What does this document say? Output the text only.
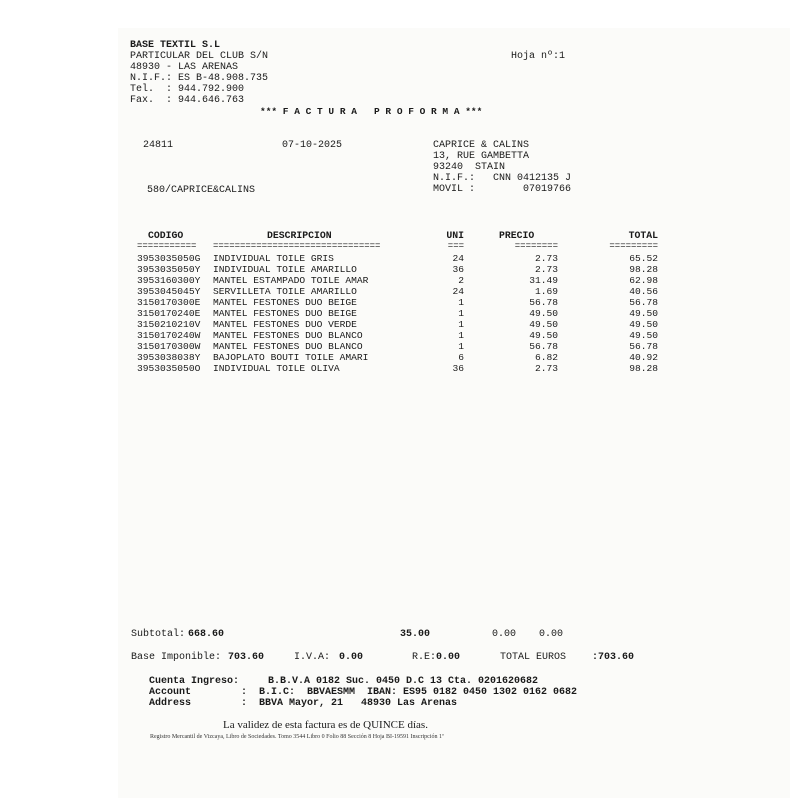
BASE TEXTIL S.L
PARTICULAR DEL CLUB S/N
48930 - LAS ARENAS
N.I.F.: ES B-48.908.735
Tel.  : 944.792.900
Fax.  : 944.646.763
Hoja nº:1
*** F A C T U R A   P R O F O R M A ***
24811	07-10-2025
580/CAPRICE&CALINS
CAPRICE & CALINS
13, RUE GAMBETTA
93240  STAIN
N.I.F.:   CNN 0412135 J
MOVIL :        07019766
CODIGO	DESCRIPCION	UNI	PRECIO	TOTAL
=========== ===============================	===	========	=========
3953035050G INDIVIDUAL TOILE GRIS	24	2.73	65.52
3953035050Y INDIVIDUAL TOILE AMARILLO	36	2.73	98.28
3953160300Y MANTEL ESTAMPADO TOILE AMAR	2	31.49	62.98
3953045045Y SERVILLETA TOILE AMARILLO	24	1.69	40.56
3150170300E MANTEL FESTONES DUO BEIGE	1	56.78	56.78
3150170240E MANTEL FESTONES DUO BEIGE	1	49.50	49.50
3150210210V MANTEL FESTONES DUO VERDE	1	49.50	49.50
3150170240W MANTEL FESTONES DUO BLANCO	1	49.50	49.50
3150170300W MANTEL FESTONES DUO BLANCO	1	56.78	56.78
3953038038Y BAJOPLATO BOUTI TOILE AMARI	6	6.82	40.92
3953035050O INDIVIDUAL TOILE OLIVA	36	2.73	98.28
Subtotal: 668.60	35.00	0.00 0.00
Base Imponible: 703.60	I.V.A: 0.00	R.E: 0.00	TOTAL EUROS	:703.60
Cuenta Ingreso:	B.B.V.A 0182 Suc. 0450 D.C 13 Cta. 0201620682
Account	:  B.I.C:  BBVAESMM  IBAN: ES95 0182 0450 1302 0162 0682
Address	:  BBVA Mayor, 21   48930 Las Arenas
La validez de esta factura es de QUINCE días.
Registro Mercantil de Vizcaya, Libro de Sociedades. Tomo 3544 Libro 0 Folio 88 Sección 8 Hoja BI-19591 Inscripción 1ª
